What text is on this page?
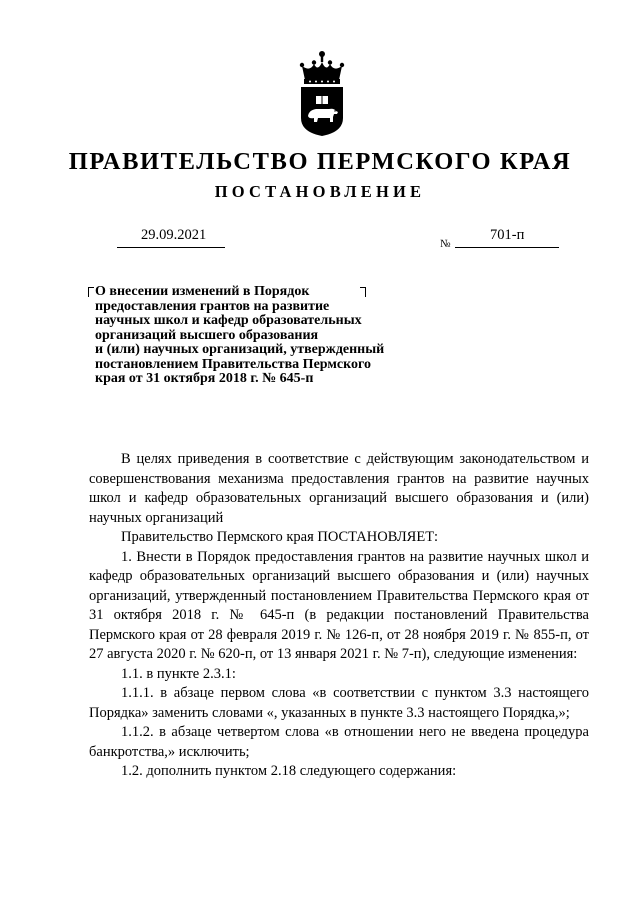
ПРАВИТЕЛЬСТВО ПЕРМСКОГО КРАЯ
ПОСТАНОВЛЕНИЕ
29.09.2021
№
701-п
О внесении изменений в Порядок
предоставления грантов на развитие
научных школ и кафедр образовательных
организаций высшего образования
и (или) научных организаций, утвержденный
постановлением Правительства Пермского
края от 31 октября 2018 г. № 645-п

В целях приведения в соответствие с действующим законодательством и совершенствования механизма предоставления грантов на развитие научных школ и кафедр образовательных организаций высшего образования и (или) научных организаций

Правительство Пермского края ПОСТАНОВЛЯЕТ:

1. Внести в Порядок предоставления грантов на развитие научных школ и кафедр образовательных организаций высшего образования и (или) научных организаций, утвержденный постановлением Правительства Пермского края от 31 октября 2018 г. № 645-п (в редакции постановлений Правительства Пермского края от 28 февраля 2019 г. № 126-п, от 28 ноября 2019 г. № 855-п, от 27 августа 2020 г. № 620-п, от 13 января 2021 г. № 7-п), следующие изменения:

1.1. в пункте 2.3.1:

1.1.1. в абзаце первом слова «в соответствии с пунктом 3.3 настоящего Порядка» заменить словами «, указанных в пункте 3.3 настоящего Порядка,»;

1.1.2. в абзаце четвертом слова «в отношении него не введена процедура банкротства,» исключить;

1.2. дополнить пунктом 2.18 следующего содержания:
